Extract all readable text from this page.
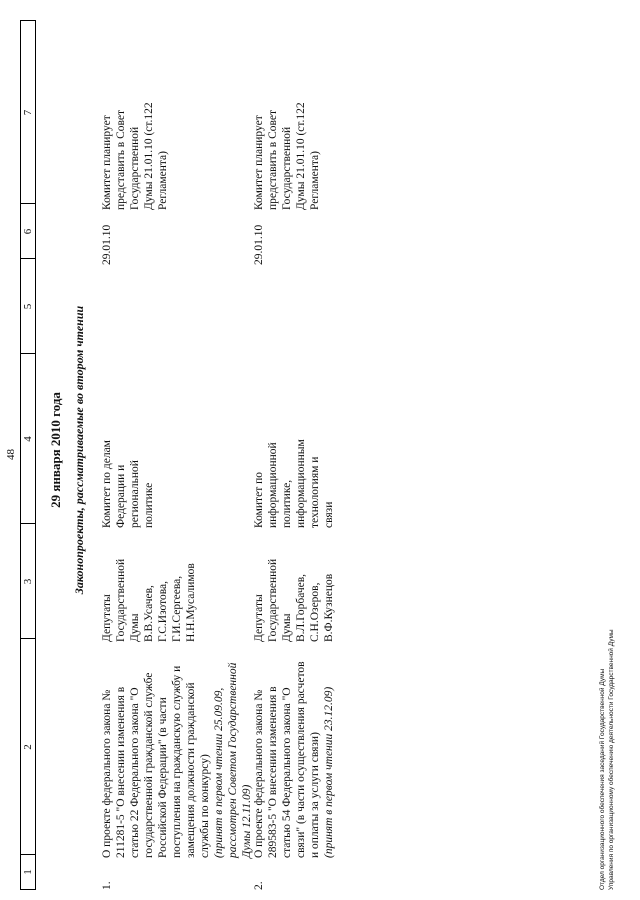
48
1
2
3
4
5
6
7
29 января 2010 года Законопроекты, рассматриваемые во втором чтении
1.
О проекте федерального закона № 211281-5 "О внесении изменения в статью 22 Федерального закона "О государственной гражданской службе Российской Федерации" (в части поступления на гражданскую службу и замещения должности гражданской службы по конкурсу) (принят в первом чтении 25.09.09, рассмотрен Советом Государственной Думы 12.11.09)
Депутаты Государственной Думы В.В.Усачев, Г.С.Изотова, Г.И.Сергеева, Н.Н.Мусалимов
Комитет по делам Федерации и региональной политике
29.01.10
Комитет планирует представить в Совет Государственной Думы 21.01.10 (ст.122 Регламента)
2.
О проекте федерального закона № 289583-5 "О внесении изменения в статью 54 Федерального закона "О связи" (в части осуществления расчетов и оплаты за услуги связи) (принят в первом чтении 23.12.09)
Депутаты Государственной Думы В.Л.Горбачев, С.Н.Озеров, В.Ф.Кузнецов
Комитет по информационной политике, информационным технологиям и связи
29.01.10
Комитет планирует представить в Совет Государственной Думы 21.01.10 (ст.122 Регламента)
Отдел организационного обеспечения заседаний Государственной Думы Управления по организационному обеспечению деятельности Государственной Думы
